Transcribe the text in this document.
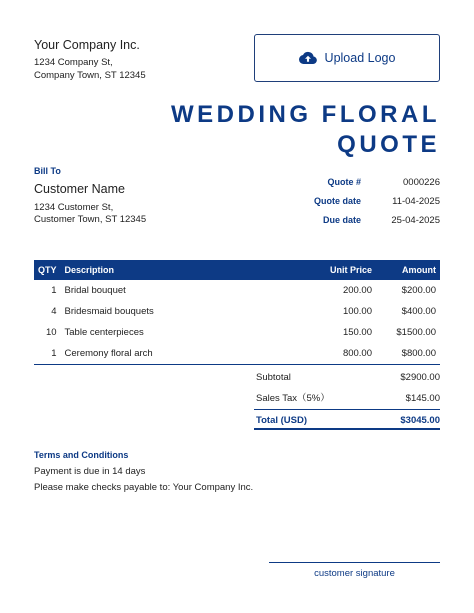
Your Company Inc.
1234 Company St,
Company Town, ST 12345
Upload Logo
WEDDING FLORAL
QUOTE
Bill To
Customer Name
1234 Customer St,
Customer Town, ST 12345
Quote #	0000226
Quote date	11-04-2025
Due date	25-04-2025
QTY	Description	Unit Price	Amount
1	Bridal bouquet	200.00	$200.00
4	Bridesmaid bouquets	100.00	$400.00
10	Table centerpieces	150.00	$1500.00
1	Ceremony floral arch	800.00	$800.00
Subtotal	$2900.00
Sales Tax（5%）	$145.00
Total (USD)	$3045.00
Terms and Conditions
Payment is due in 14 days
Please make checks payable to: Your Company Inc.
customer signature
